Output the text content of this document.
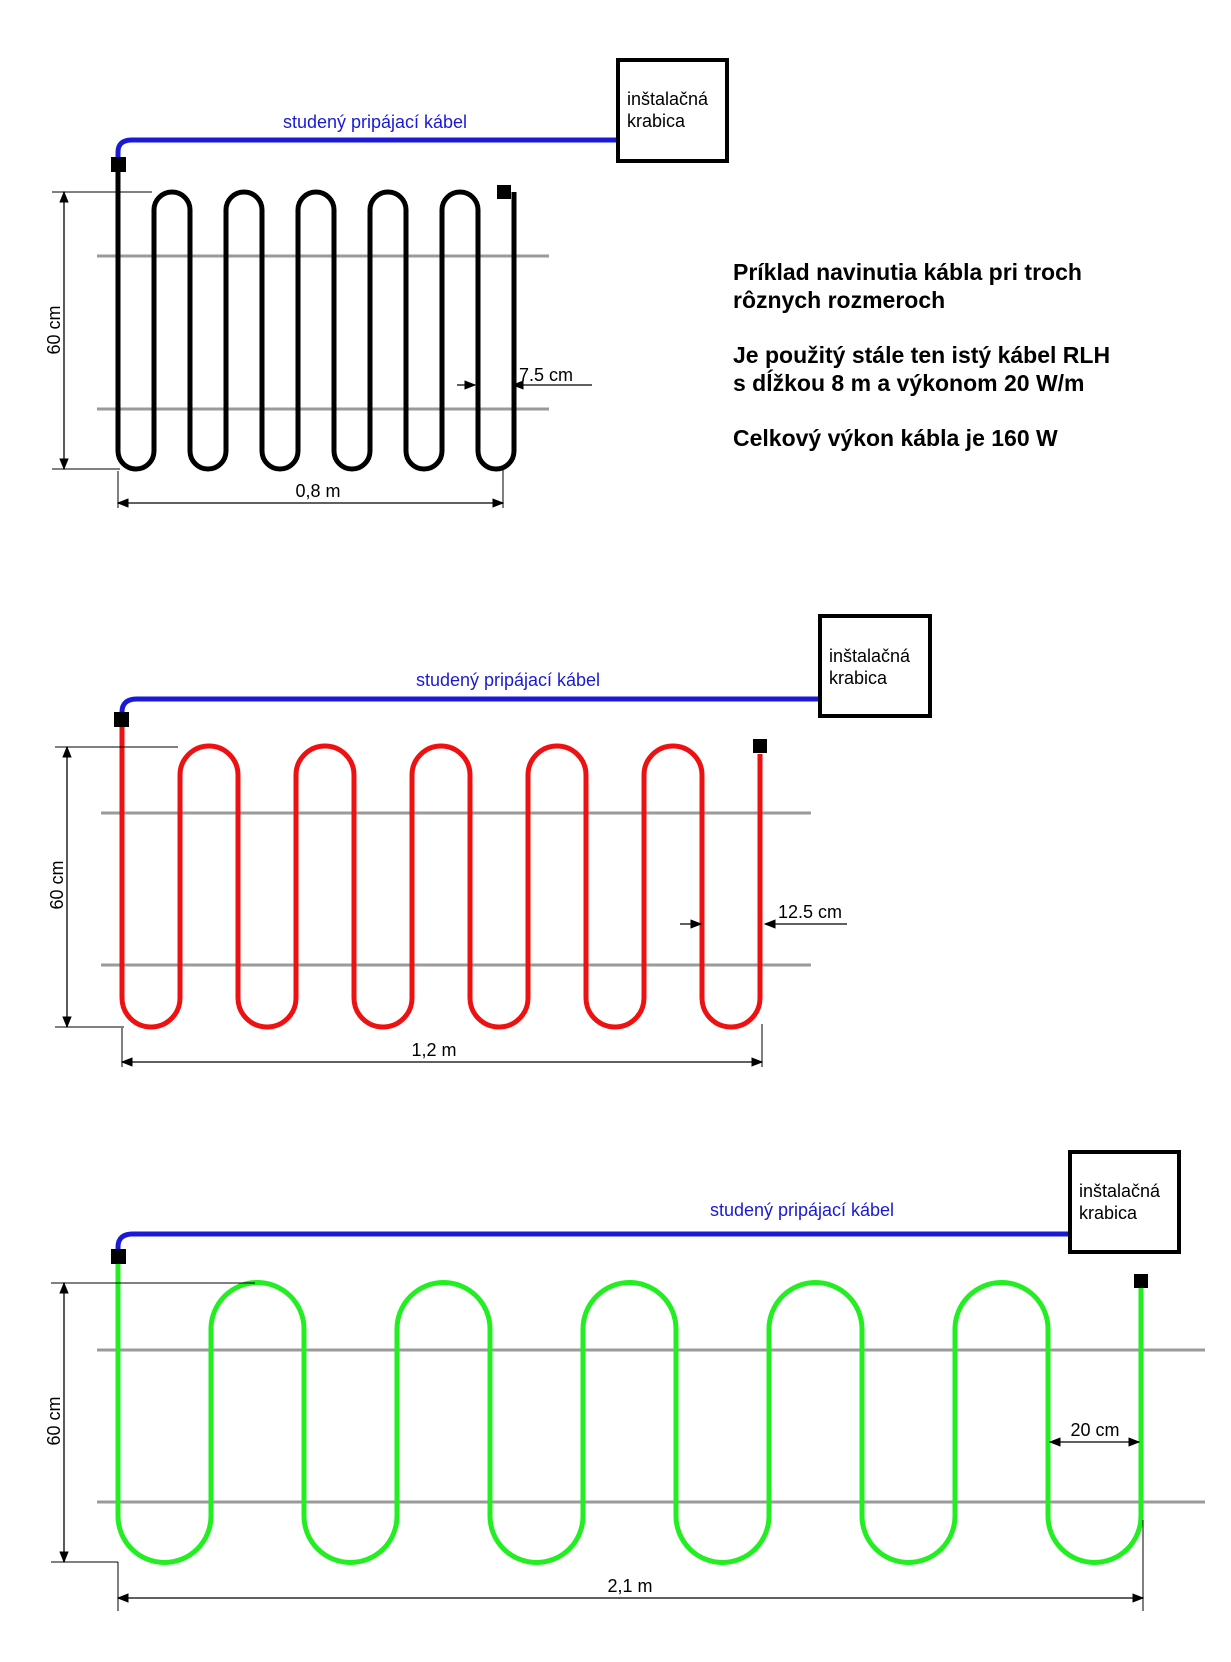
inštalačná
krabica
studený pripájací kábel
60 cm
7.5 cm
0,8 m
inštalačná
krabica
studený pripájací kábel
60 cm
12.5 cm
1,2 m
inštalačná
krabica
studený pripájací kábel
60 cm	20 cm
2,1 m

Príklad navinutia kábla pri troch
rôznych rozmeroch

Je použitý stále ten istý kábel RLH
s dĺžkou 8 m a výkonom 20 W/m

Celkový výkon kábla je 160 W
